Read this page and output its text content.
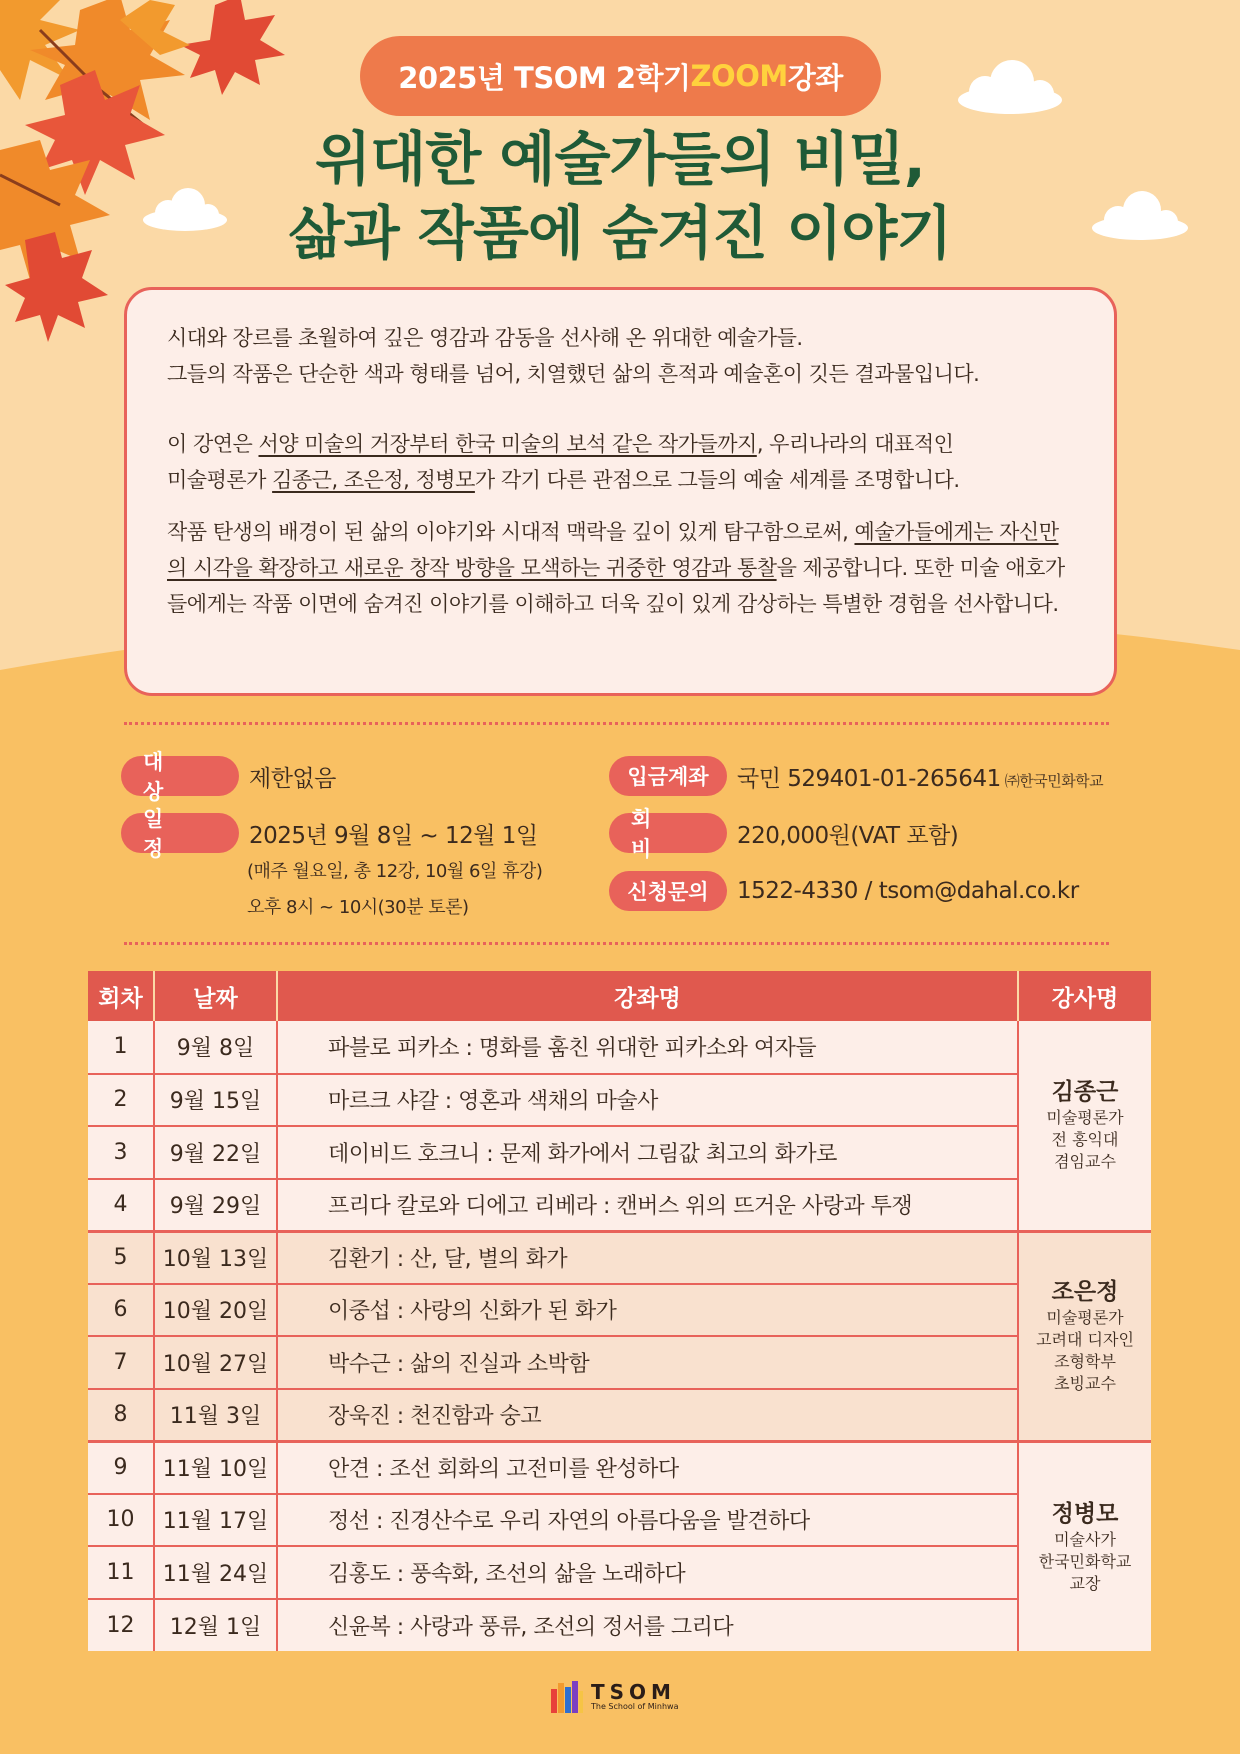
2025년 TSOM 2학기 ZOOM 강좌
위대한 예술가들의 비밀,
삶과 작품에 숨겨진 이야기

시대와 장르를 초월하여 깊은 영감과 감동을 선사해 온 위대한 예술가들.
그들의 작품은 단순한 색과 형태를 넘어, 치열했던 삶의 흔적과 예술혼이 깃든 결과물입니다.

이 강연은 서양 미술의 거장부터 한국 미술의 보석 같은 작가들까지, 우리나라의 대표적인
미술평론가 김종근, 조은정, 정병모가 각기 다른 관점으로 그들의 예술 세계를 조명합니다.

작품 탄생의 배경이 된 삶의 이야기와 시대적 맥락을 깊이 있게 탐구함으로써, 예술가들에게는 자신만의 시각을 확장하고 새로운 창작 방향을 모색하는 귀중한 영감과 통찰을 제공합니다. 또한 미술 애호가들에게는 작품 이면에 숨겨진 이야기를 이해하고 더욱 깊이 있게 감상하는 특별한 경험을 선사합니다.

대 상
제한없음
일 정
2025년 9월 8일 ~ 12월 1일
(매주 월요일, 총 12강, 10월 6일 휴강)
오후 8시 ~ 10시(30분 토론)
입금계좌	국민 529401-01-265641 ㈜한국민화학교
회 비
220,000원(VAT 포함)
신청문의	1522-4330 / tsom@dahal.co.kr
회차	날짜	강좌명	강사명
1	9월 8일	파블로 피카소 : 명화를 훔친 위대한 피카소와 여자들	김종근
미술평론가
전 홍익대
겸임교수

2	9월 15일	마르크 샤갈 : 영혼과 색채의 마술사	
3	9월 22일	데이비드 호크니 : 문제 화가에서 그림값 최고의 화가로	
4	9월 29일	프리다 칼로와 디에고 리베라 : 캔버스 위의 뜨거운 사랑과 투쟁	
5	10월 13일	김환기 : 산, 달, 별의 화가	조은정
미술평론가
고려대 디자인
조형학부
초빙교수

6	10월 20일	이중섭 : 사랑의 신화가 된 화가	
7	10월 27일	박수근 : 삶의 진실과 소박함	
8	11월 3일	장욱진 : 천진함과 숭고	
9	11월 10일	안견 : 조선 회화의 고전미를 완성하다	정병모
미술사가
한국민화학교
교장

10	11월 17일	정선 : 진경산수로 우리 자연의 아름다움을 발견하다	
11	11월 24일	김홍도 : 풍속화, 조선의 삶을 노래하다	
12	12월 1일	신윤복 : 사랑과 풍류, 조선의 정서를 그리다	
TSOM
The School of Minhwa
